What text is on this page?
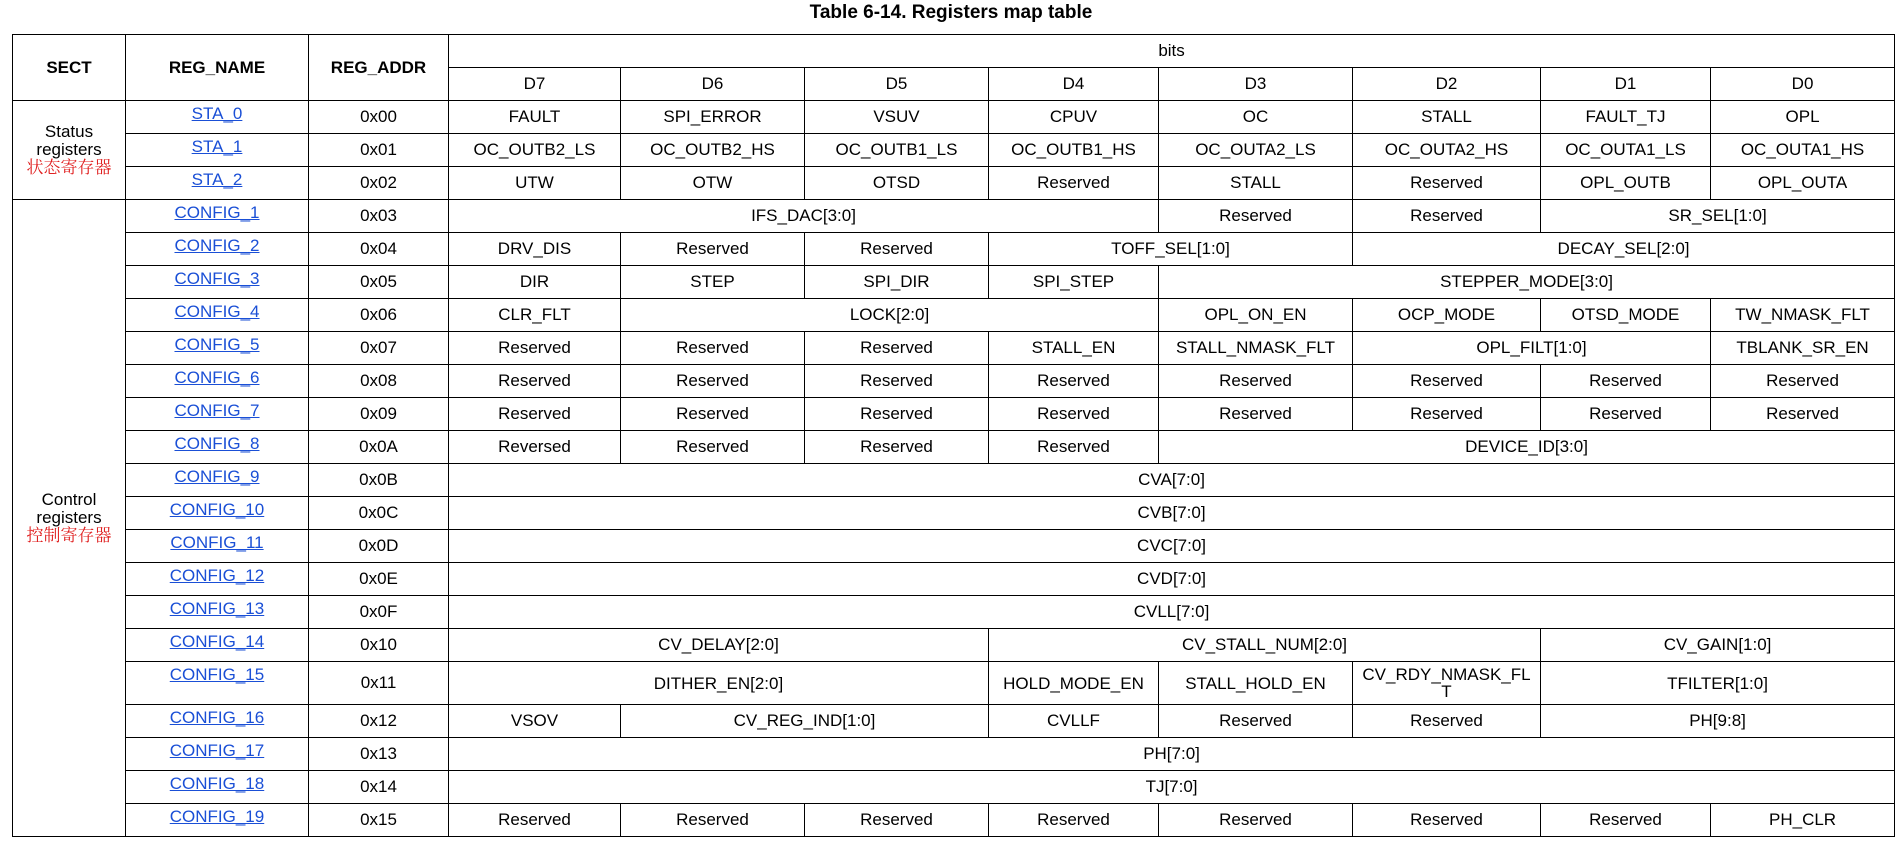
Table 6-14. Registers map table
SECT	REG_NAME	REG_ADDR	bits							
			D7	D6	D5	D4	D3	D2	D1	D0

Status registers
状态寄存器	STA_0	0x00	FAULT	SPI_ERROR	VSUV	CPUV	OC	STALL	FAULT_TJ	OPL
	STA_1	0x01	OC_OUTB2_LS	OC_OUTB2_HS	OC_OUTB1_LS	OC_OUTB1_HS	OC_OUTA2_LS	OC_OUTA2_HS	OC_OUTA1_LS	OC_OUTA1_HS
	STA_2	0x02	UTW	OTW	OTSD	Reserved	STALL	Reserved	OPL_OUTB	OPL_OUTA

Control registers
控制寄存器	CONFIG_1	0x03	IFS_DAC[3:0]				Reserved	Reserved	SR_SEL[1:0]	
	CONFIG_2	0x04	DRV_DIS	Reserved	Reserved	TOFF_SEL[1:0]		DECAY_SEL[2:0]		
	CONFIG_3	0x05	DIR	STEP	SPI_DIR	SPI_STEP	STEPPER_MODE[3:0]			
	CONFIG_4	0x06	CLR_FLT	LOCK[2:0]			OPL_ON_EN	OCP_MODE	OTSD_MODE	TW_NMASK_FLT
	CONFIG_5	0x07	Reserved	Reserved	Reserved	STALL_EN	STALL_NMASK_FLT	OPL_FILT[1:0]		TBLANK_SR_EN
	CONFIG_6	0x08	Reserved	Reserved	Reserved	Reserved	Reserved	Reserved	Reserved	Reserved
	CONFIG_7	0x09	Reserved	Reserved	Reserved	Reserved	Reserved	Reserved	Reserved	Reserved
	CONFIG_8	0x0A	Reversed	Reserved	Reserved	Reserved	DEVICE_ID[3:0]			
	CONFIG_9	0x0B	CVA[7:0]							
	CONFIG_10	0x0C	CVB[7:0]							
	CONFIG_11	0x0D	CVC[7:0]							
	CONFIG_12	0x0E	CVD[7:0]							
	CONFIG_13	0x0F	CVLL[7:0]							
	CONFIG_14	0x10	CV_DELAY[2:0]			CV_STALL_NUM[2:0]			CV_GAIN[1:0]	
	CONFIG_15	0x11	DITHER_EN[2:0]			HOLD_MODE_EN	STALL_HOLD_EN	CV_RDY_NMASK_FLT	TFILTER[1:0]	
	CONFIG_16	0x12	VSOV	CV_REG_IND[1:0]		CVLLF	Reserved	Reserved	PH[9:8]	
	CONFIG_17	0x13	PH[7:0]							
	CONFIG_18	0x14	TJ[7:0]							
	CONFIG_19	0x15	Reserved	Reserved	Reserved	Reserved	Reserved	Reserved	Reserved	PH_CLR
